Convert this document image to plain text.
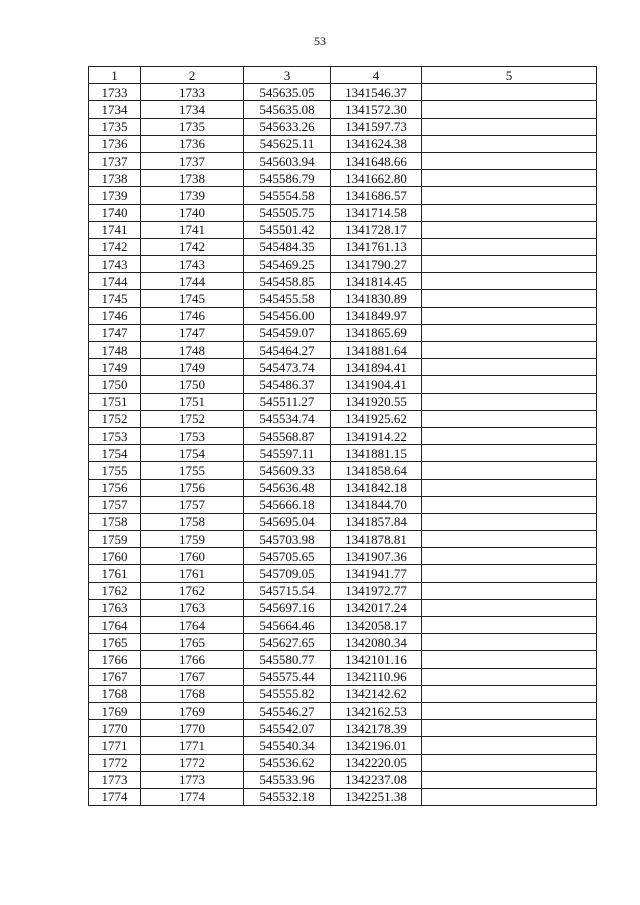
53
1	2	3	4	5
1733	1733	545635.05	1341546.37	
1734	1734	545635.08	1341572.30	
1735	1735	545633.26	1341597.73	
1736	1736	545625.11	1341624.38	
1737	1737	545603.94	1341648.66	
1738	1738	545586.79	1341662.80	
1739	1739	545554.58	1341686.57	
1740	1740	545505.75	1341714.58	
1741	1741	545501.42	1341728.17	
1742	1742	545484.35	1341761.13	
1743	1743	545469.25	1341790.27	
1744	1744	545458.85	1341814.45	
1745	1745	545455.58	1341830.89	
1746	1746	545456.00	1341849.97	
1747	1747	545459.07	1341865.69	
1748	1748	545464.27	1341881.64	
1749	1749	545473.74	1341894.41	
1750	1750	545486.37	1341904.41	
1751	1751	545511.27	1341920.55	
1752	1752	545534.74	1341925.62	
1753	1753	545568.87	1341914.22	
1754	1754	545597.11	1341881.15	
1755	1755	545609.33	1341858.64	
1756	1756	545636.48	1341842.18	
1757	1757	545666.18	1341844.70	
1758	1758	545695.04	1341857.84	
1759	1759	545703.98	1341878.81	
1760	1760	545705.65	1341907.36	
1761	1761	545709.05	1341941.77	
1762	1762	545715.54	1341972.77	
1763	1763	545697.16	1342017.24	
1764	1764	545664.46	1342058.17	
1765	1765	545627.65	1342080.34	
1766	1766	545580.77	1342101.16	
1767	1767	545575.44	1342110.96	
1768	1768	545555.82	1342142.62	
1769	1769	545546.27	1342162.53	
1770	1770	545542.07	1342178.39	
1771	1771	545540.34	1342196.01	
1772	1772	545536.62	1342220.05	
1773	1773	545533.96	1342237.08	
1774	1774	545532.18	1342251.38	
